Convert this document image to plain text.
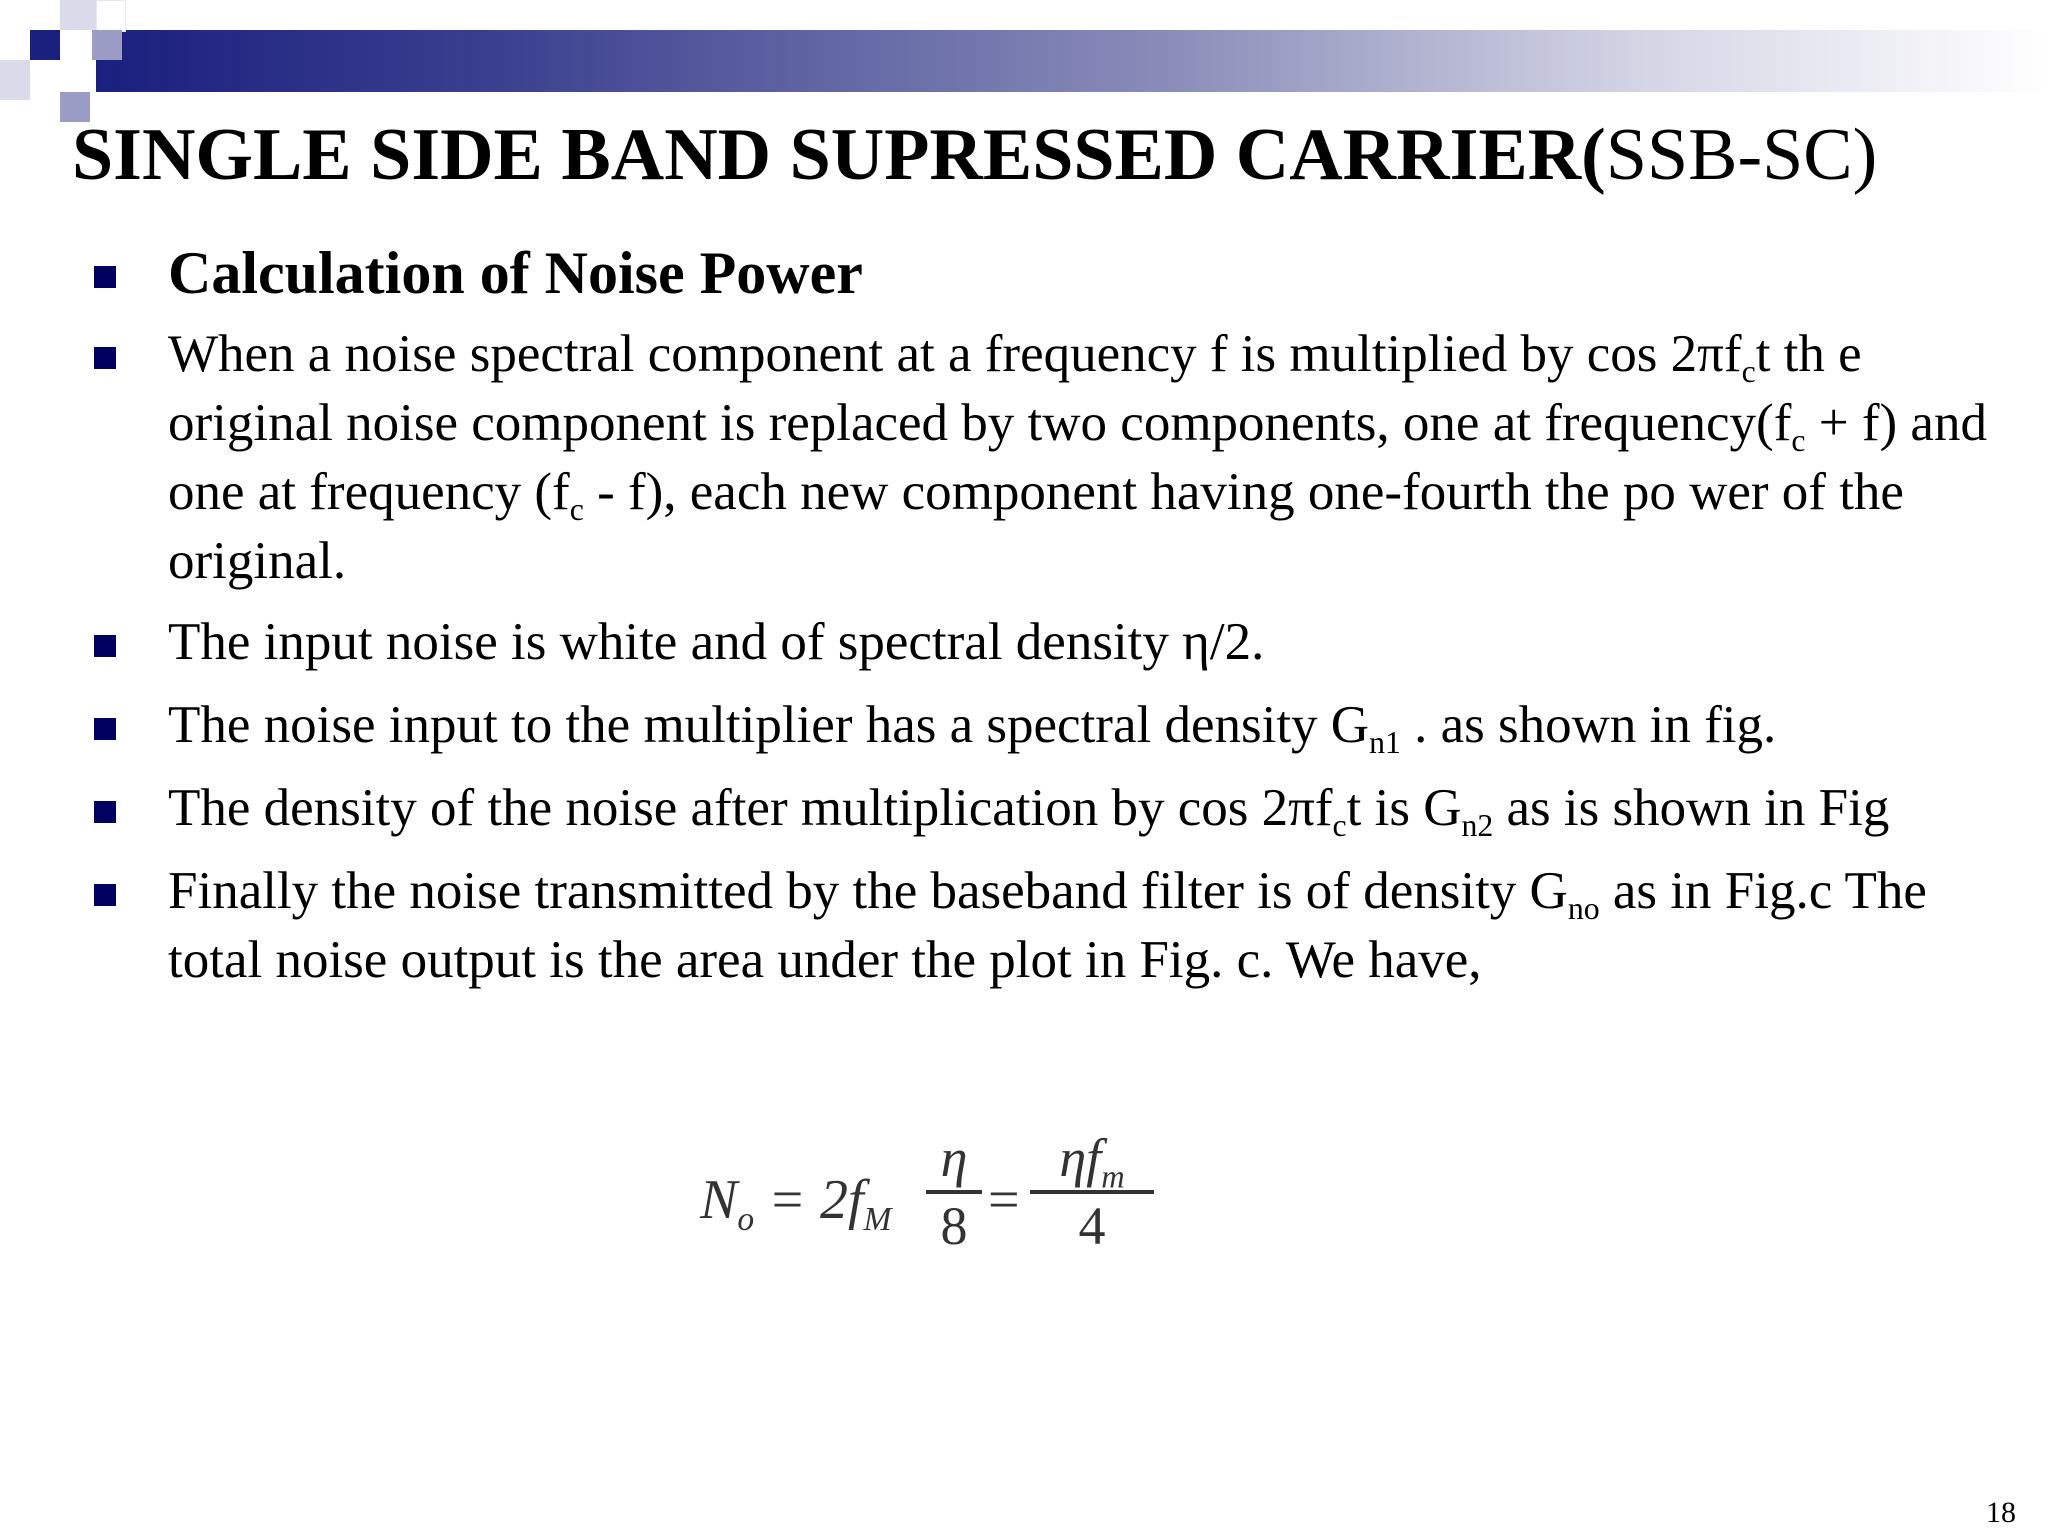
SINGLE SIDE BAND SUPRESSED CARRIER(SSB-SC)
Calculation of Noise Power
When a noise spectral component at a frequency f is multiplied by $\cos 2\pi f_ct$ th e original noise component is replaced by two components, one at $frequency(f_c + f)$ and one at frequency $(f_c - f)$, each new component having one-fourth the po wer of the original.
The input noise is white and of spectral density η/2.
The noise input to the multiplier has a spectral density $G_{n1}$ . as shown in fig.
The density of the noise after multiplication by $\cos 2\pi f_ct$ is $G_{n2}$ as is shown in Fig
Finally the noise transmitted by the baseband filter is of density $G_{no}$ as in Fig.c The total noise output is the area under the plot in Fig. c. We have,
$N_o = 2f_M$
η
8 =
$\eta f_m$
4
18
